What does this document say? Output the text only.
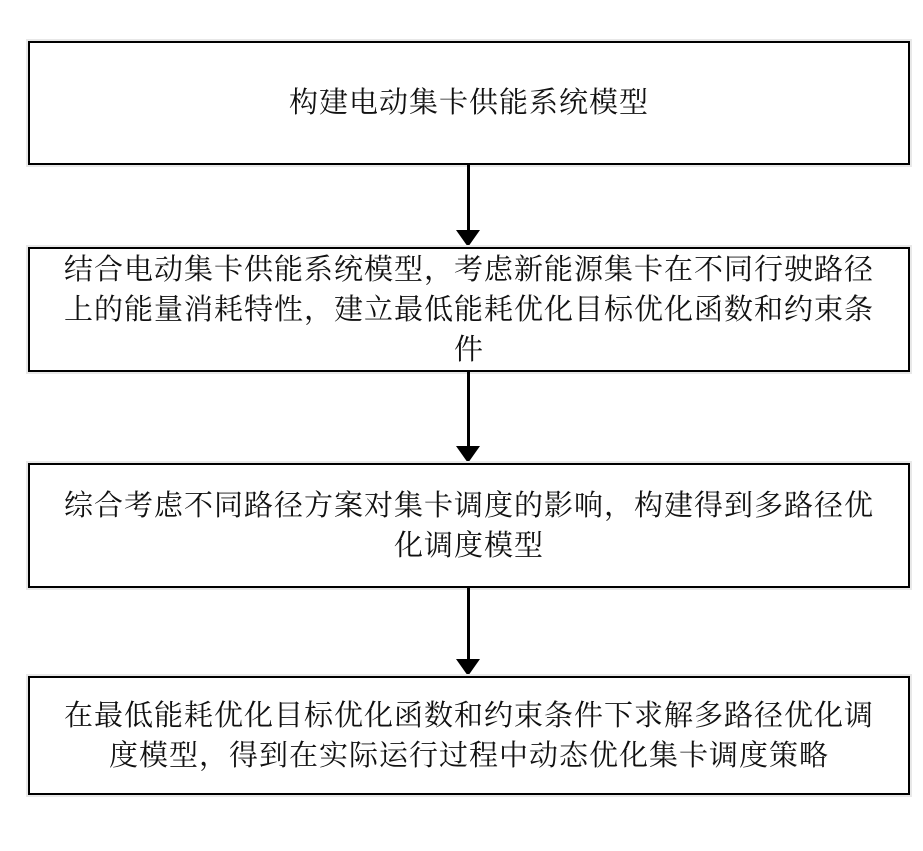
构建电动集卡供能系统模型
结合电动集卡供能系统模型，考虑新能源集卡在不同行驶路径上的能量消耗特性，建立最低能耗优化目标优化函数和约束条件
综合考虑不同路径方案对集卡调度的影响，构建得到多路径优化调度模型
在最低能耗优化目标优化函数和约束条件下求解多路径优化调度模型，得到在实际运行过程中动态优化集卡调度策略
